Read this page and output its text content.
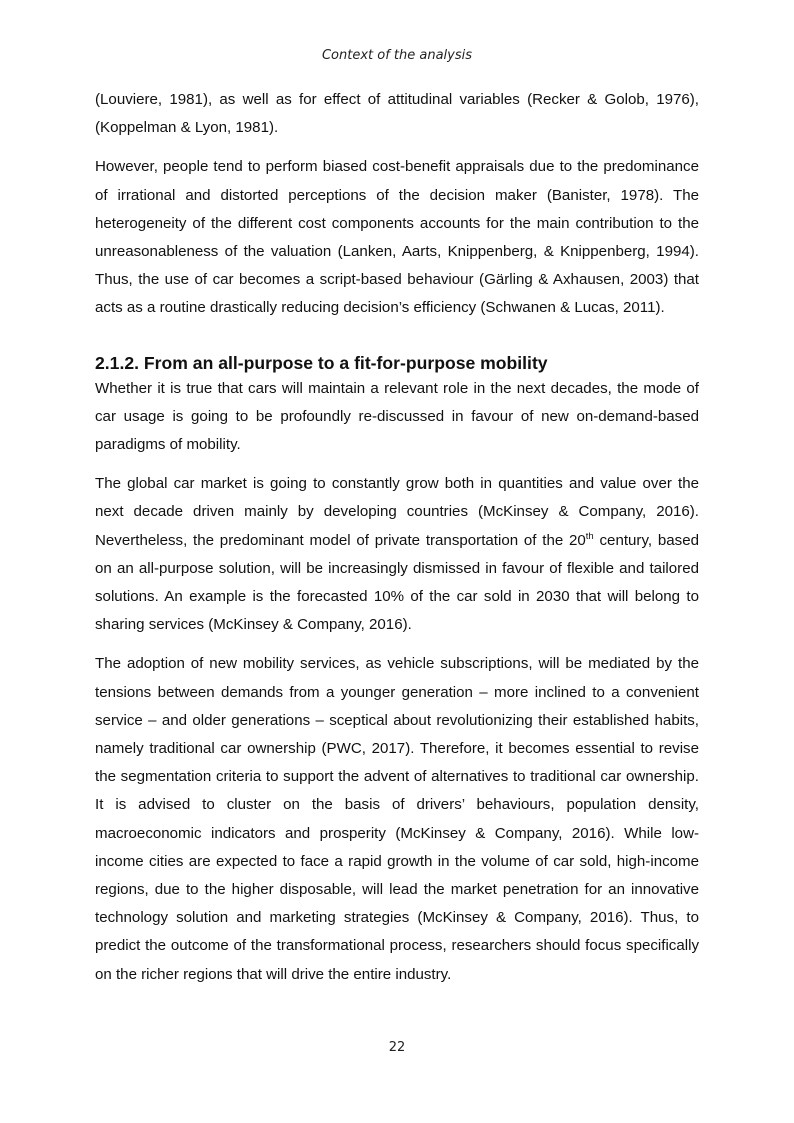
Context of the analysis

(Louviere, 1981), as well as for effect of attitudinal variables (Recker & Golob, 1976), (Koppelman & Lyon, 1981).

However, people tend to perform biased cost-benefit appraisals due to the predominance of irrational and distorted perceptions of the decision maker (Banister, 1978). The heterogeneity of the different cost components accounts for the main contribution to the unreasonableness of the valuation (Lanken, Aarts, Knippenberg, & Knippenberg, 1994). Thus, the use of car becomes a script-based behaviour (Gärling & Axhausen, 2003) that acts as a routine drastically reducing decision’s efficiency (Schwanen & Lucas, 2011).

2.1.2. From an all-purpose to a fit-for-purpose mobility

Whether it is true that cars will maintain a relevant role in the next decades, the mode of car usage is going to be profoundly re-discussed in favour of new on-demand-based paradigms of mobility.

The global car market is going to constantly grow both in quantities and value over the next decade driven mainly by developing countries (McKinsey & Company, 2016). Nevertheless, the predominant model of private transportation of the 20th century, based on an all-purpose solution, will be increasingly dismissed in favour of flexible and tailored solutions. An example is the forecasted 10% of the car sold in 2030 that will belong to sharing services (McKinsey & Company, 2016).

The adoption of new mobility services, as vehicle subscriptions, will be mediated by the tensions between demands from a younger generation – more inclined to a convenient service – and older generations – sceptical about revolutionizing their established habits, namely traditional car ownership (PWC, 2017). Therefore, it becomes essential to revise the segmentation criteria to support the advent of alternatives to traditional car ownership. It is advised to cluster on the basis of drivers’ behaviours, population density, macroeconomic indicators and prosperity (McKinsey & Company, 2016). While low-income cities are expected to face a rapid growth in the volume of car sold, high-income regions, due to the higher disposable, will lead the market penetration for an innovative technology solution and marketing strategies (McKinsey & Company, 2016). Thus, to predict the outcome of the transformational process, researchers should focus specifically on the richer regions that will drive the entire industry.

22
